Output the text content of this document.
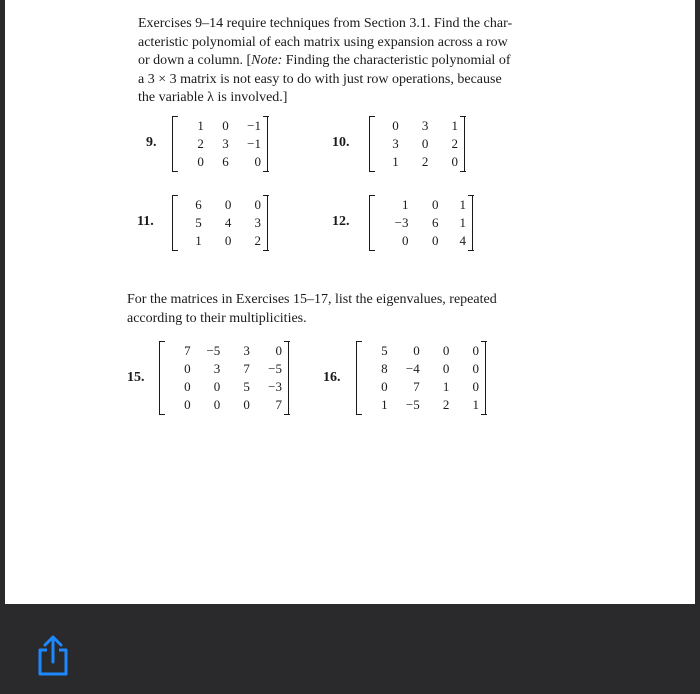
Exercises 9–14 require techniques from Section 3.1. Find the char-
acteristic polynomial of each matrix using expansion across a row
or down a column. [Note: Finding the characteristic polynomial of
a 3 × 3 matrix is not easy to do with just row operations, because
the variable λ is involved.]

9.
1	0	−1
2	3	−1
0	6	0
10.
0	3	1
3	0	2
1	2	0
11.
6	0	0
5	4	3
1	0	2
12.
1	0	1
−3	6	1
0	0	4

For the matrices in Exercises 15–17, list the eigenvalues, repeated
according to their multiplicities.

15.
7	−5	3	0
0	3	7	−5
0	0	5	−3
0	0	0	7
16.
5	0	0	0
8	−4	0	0
0	7	1	0
1	−5	2	1
